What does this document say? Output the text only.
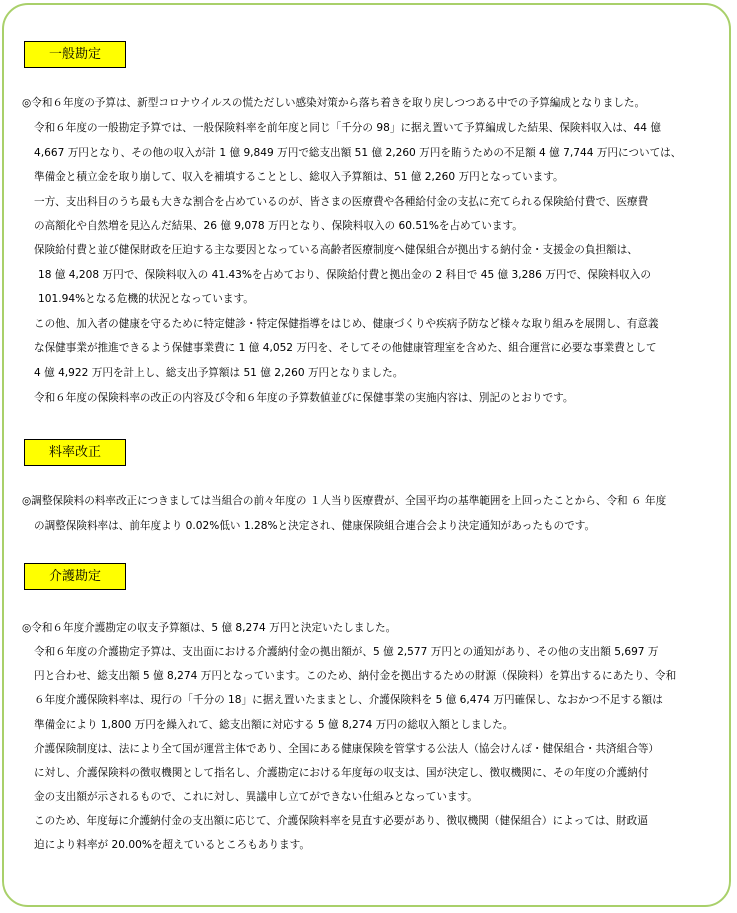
一般勘定
◎令和６年度の予算は、新型コロナウイルスの慌ただしい感染対策から落ち着きを取り戻しつつある中での予算編成となりました。
令和６年度の一般勘定予算では、一般保険料率を前年度と同じ「千分の 98」に据え置いて予算編成した結果、保険料収入は、44 億
4,667 万円となり、その他の収入が計 1 億 9,849 万円で総支出額 51 億 2,260 万円を賄うための不足額 4 億 7,744 万円については、
準備金と積立金を取り崩して、収入を補填することとし、総収入予算額は、51 億 2,260 万円となっています。
一方、支出科目のうち最も大きな割合を占めているのが、皆さまの医療費や各種給付金の支払に充てられる保険給付費で、医療費
の高額化や自然増を見込んだ結果、26 億 9,078 万円となり、保険料収入の 60.51%を占めています。
保険給付費と並び健保財政を圧迫する主な要因となっている高齢者医療制度へ健保組合が拠出する納付金・支援金の負担額は、
18 億 4,208 万円で、保険料収入の 41.43%を占めており、保険給付費と拠出金の 2 科目で 45 億 3,286 万円で、保険料収入の
101.94%となる危機的状況となっています。
この他、加入者の健康を守るために特定健診・特定保健指導をはじめ、健康づくりや疾病予防など様々な取り組みを展開し、有意義
な保健事業が推進できるよう保健事業費に 1 億 4,052 万円を、そしてその他健康管理室を含めた、組合運営に必要な事業費として
4 億 4,922 万円を計上し、総支出予算額は 51 億 2,260 万円となりました。
令和６年度の保険料率の改正の内容及び令和６年度の予算数値並びに保健事業の実施内容は、別記のとおりです。
料率改正
◎調整保険料の料率改正につきましては当組合の前々年度の １人当り医療費が、全国平均の基準範囲を上回ったことから、令和 ６ 年度
の調整保険料率は、前年度より 0.02%低い 1.28%と決定され、健康保険組合連合会より決定通知があったものです。
介護勘定
◎令和６年度介護勘定の収支予算額は、5 億 8,274 万円と決定いたしました。
令和６年度の介護勘定予算は、支出面における介護納付金の拠出額が、5 億 2,577 万円との通知があり、その他の支出額 5,697 万
円と合わせ、総支出額 5 億 8,274 万円となっています。このため、納付金を拠出するための財源（保険料）を算出するにあたり、令和
６年度介護保険料率は、現行の「千分の 18」に据え置いたままとし、介護保険料を 5 億 6,474 万円確保し、なおかつ不足する額は
準備金により 1,800 万円を繰入れて、総支出額に対応する 5 億 8,274 万円の総収入額としました。
介護保険制度は、法により全て国が運営主体であり、全国にある健康保険を管掌する公法人（協会けんぽ・健保組合・共済組合等）
に対し、介護保険料の徴収機関として指名し、介護勘定における年度毎の収支は、国が決定し、徴収機関に、その年度の介護納付
金の支出額が示されるもので、これに対し、異議申し立てができない仕組みとなっています。
このため、年度毎に介護納付金の支出額に応じて、介護保険料率を見直す必要があり、徴収機関（健保組合）によっては、財政逼
迫により料率が 20.00%を超えているところもあります。
